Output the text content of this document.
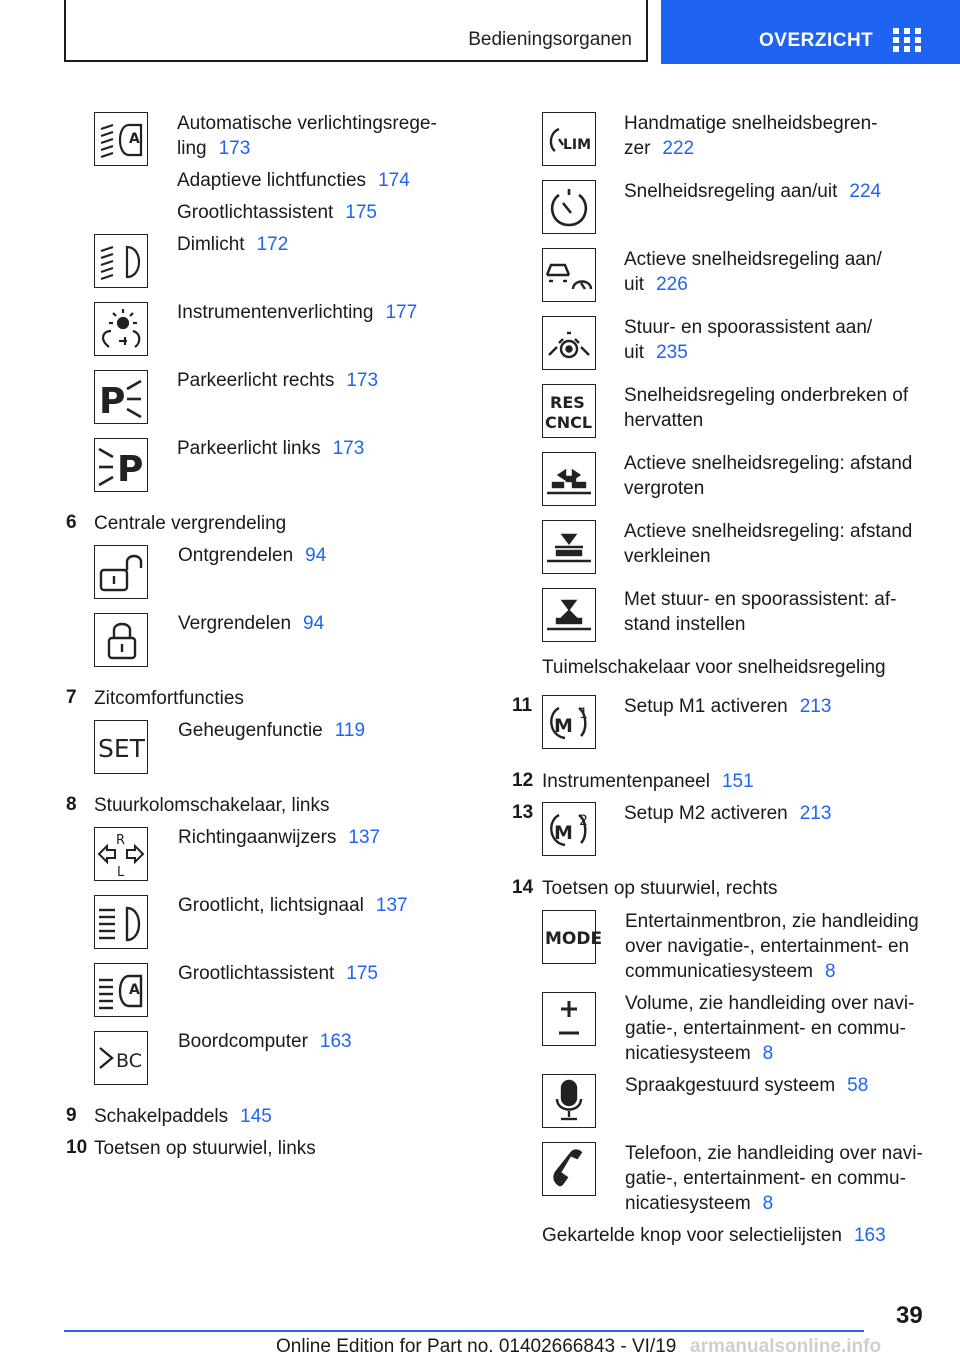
Bedieningsorganen	OVERZICHT
A
Automatische verlichtingsrege-
ling 173
Adaptieve lichtfuncties 174
Grootlichtassistent 175
Dimlicht 172
Instrumentenverlichting 177
P
Parkeerlicht rechts 173
P
Parkeerlicht links 173
6 Centrale vergrendeling
Ontgrendelen 94
Vergrendelen 94
7 Zitcomfortfuncties
SET
Geheugenfunctie 119
8 Stuurkolomschakelaar, links
R
L
Richtingaanwijzers 137
Grootlicht, lichtsignaal 137
A
Grootlichtassistent 175
BC
Boordcomputer 163
9 Schakelpaddels 145
10 Toetsen op stuurwiel, links
LIM
Handmatige snelheidsbegren-
zer 222
Snelheidsregeling aan/uit 224
Actieve snelheidsregeling aan/
uit 226
Stuur- en spoorassistent aan/
uit 235
RES
CNCL
Snelheidsregeling onderbreken of
hervatten
Actieve snelheidsregeling: afstand
vergroten
Actieve snelheidsregeling: afstand
verkleinen
Met stuur- en spoorassistent: af-
stand instellen
Tuimelschakelaar voor snelheidsregeling
11
M
1 Setup M1 activeren 213
12 Instrumentenpaneel 151
13
M
2 Setup M2 activeren 213
14 Toetsen op stuurwiel, rechts
MODE
Entertainmentbron, zie handleiding
over navigatie-, entertainment- en
communicatiesysteem 8
Volume, zie handleiding over navi-
gatie-, entertainment- en commu-
nicatiesysteem 8
Spraakgestuurd systeem 58
Telefoon, zie handleiding over navi-
gatie-, entertainment- en commu-
nicatiesysteem 8
Gekartelde knop voor selectielijsten 163
39
Online Edition for Part no. 01402666843 - VI/19 armanualsonline.info
